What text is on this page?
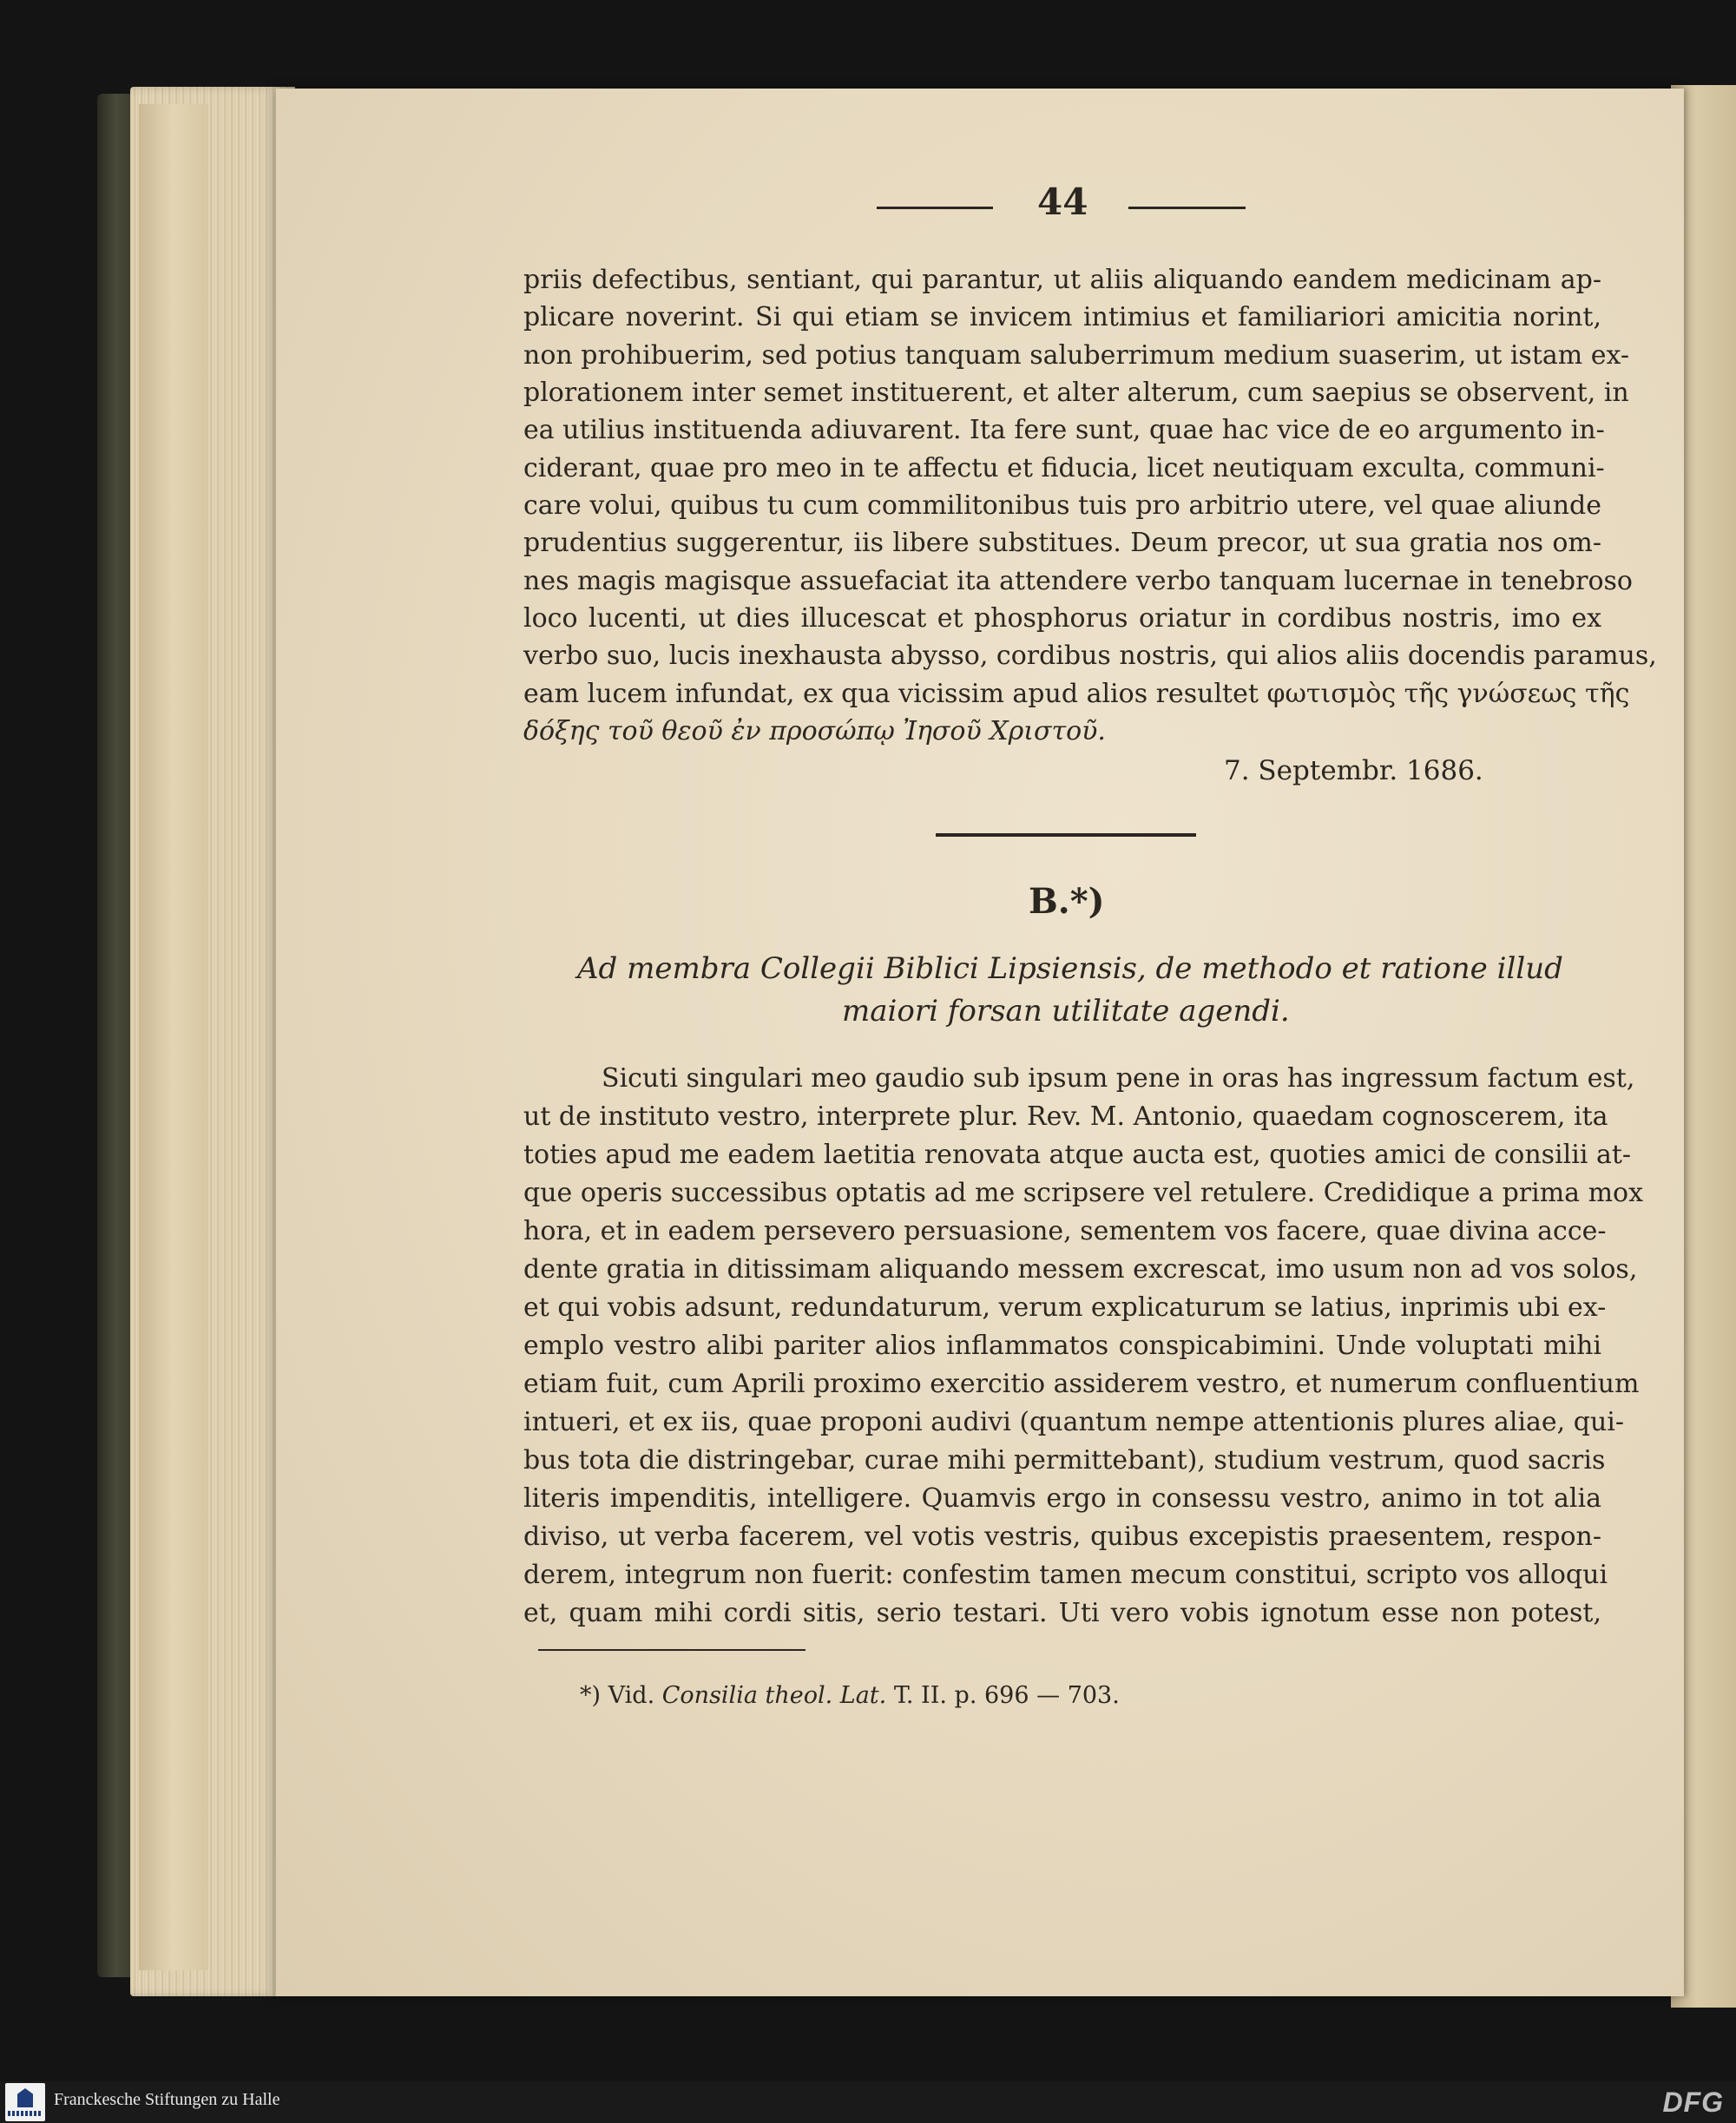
44
priis defectibus, sentiant, qui parantur, ut aliis aliquando eandem medicinam ap-
plicare noverint. Si qui etiam se invicem intimius et familiariori amicitia norint,
non prohibuerim, sed potius tanquam saluberrimum medium suaserim, ut istam ex-
plorationem inter semet instituerent, et alter alterum, cum saepius se observent, in
ea utilius instituenda adiuvarent. Ita fere sunt, quae hac vice de eo argumento in-
ciderant, quae pro meo in te affectu et fiducia, licet neutiquam exculta, communi-
care volui, quibus tu cum commilitonibus tuis pro arbitrio utere, vel quae aliunde
prudentius suggerentur, iis libere substitues. Deum precor, ut sua gratia nos om-
nes magis magisque assuefaciat ita attendere verbo tanquam lucernae in tenebroso
loco lucenti, ut dies illucescat et phosphorus oriatur in cordibus nostris, imo ex
verbo suo, lucis inexhausta abysso, cordibus nostris, qui alios aliis docendis paramus,
eam lucem infundat, ex qua vicissim apud alios resultet φωτισμὸς τῆς γνώσεως τῆς
δόξης τοῦ θεοῦ ἐν προσώπῳ Ἰησοῦ Χριστοῦ.
7. Septembr. 1686.
B.*)
Ad membra Collegii Biblici Lipsiensis, de methodo et ratione illud
maiori forsan utilitate agendi.
Sicuti singulari meo gaudio sub ipsum pene in oras has ingressum factum est,
ut de instituto vestro, interprete plur. Rev. M. Antonio, quaedam cognoscerem, ita
toties apud me eadem laetitia renovata atque aucta est, quoties amici de consilii at-
que operis successibus optatis ad me scripsere vel retulere. Credidique a prima mox
hora, et in eadem persevero persuasione, sementem vos facere, quae divina acce-
dente gratia in ditissimam aliquando messem excrescat, imo usum non ad vos solos,
et qui vobis adsunt, redundaturum, verum explicaturum se latius, inprimis ubi ex-
emplo vestro alibi pariter alios inflammatos conspicabimini. Unde voluptati mihi
etiam fuit, cum Aprili proximo exercitio assiderem vestro, et numerum confluentium
intueri, et ex iis, quae proponi audivi (quantum nempe attentionis plures aliae, qui-
bus tota die distringebar, curae mihi permittebant), studium vestrum, quod sacris
literis impenditis, intelligere. Quamvis ergo in consessu vestro, animo in tot alia
diviso, ut verba facerem, vel votis vestris, quibus excepistis praesentem, respon-
derem, integrum non fuerit: confestim tamen mecum constitui, scripto vos alloqui
et, quam mihi cordi sitis, serio testari. Uti vero vobis ignotum esse non potest,
*) Vid. Consilia theol. Lat. T. II. p. 696 — 703.
Franckesche Stiftungen zu Halle	DFG
